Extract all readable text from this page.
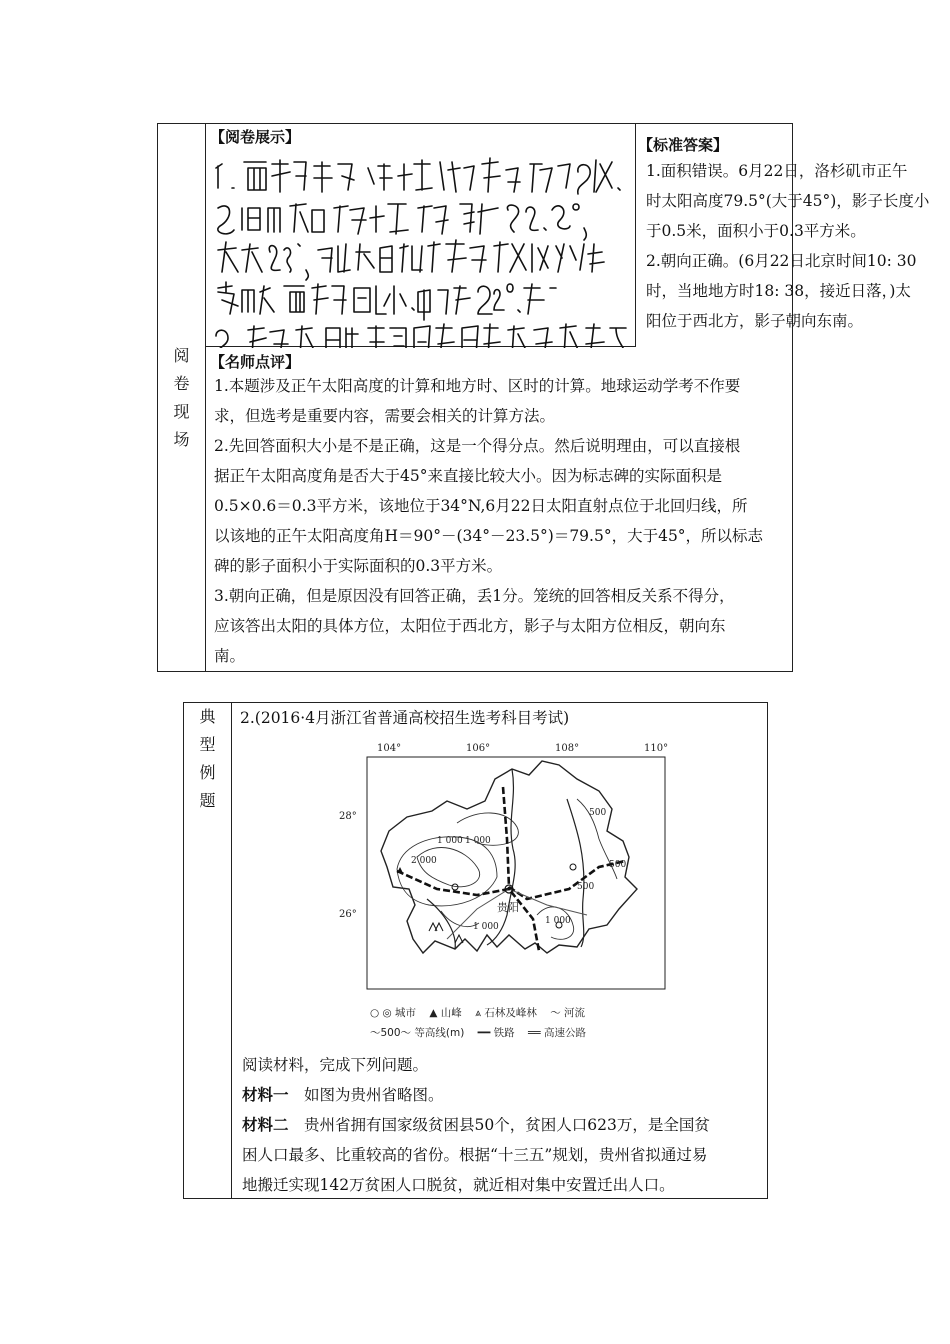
阅
卷
现
场
【阅卷展示】	【标准答案】

1.面积错误。6月22日，洛杉矶市正午

时太阳高度79.5°(大于45°)，影子长度小

于0.5米，面积小于0.3平方米。

2.朝向正确。(6月22日北京时间10: 30

时，当地地方时18: 38，接近日落，)太

阳位于西北方，影子朝向东南。

【名师点评】

1.本题涉及正午太阳高度的计算和地方时、区时的计算。地球运动学考不作要

求，但选考是重要内容，需要会相关的计算方法。

2.先回答面积大小是不是正确，这是一个得分点。然后说明理由，可以直接根

据正午太阳高度角是否大于45°来直接比较大小。因为标志碑的实际面积是

0.5×0.6＝0.3平方米，该地位于34°N,6月22日太阳直射点位于北回归线，所

以该地的正午太阳高度角H＝90°－(34°－23.5°)＝79.5°，大于45°，所以标志

碑的影子面积小于实际面积的0.3平方米。

3.朝向正确，但是原因没有回答正确，丢1分。笼统的回答相反关系不得分，

应该答出太阳的具体方位，太阳位于西北方，影子与太阳方位相反，朝向东

南。

典
型
例
题

2.(2016·4月浙江省普通高校招生选考科目考试)

104°	106°	108°	110°
28°
26°
贵阳
1 000
2 000
1 000
500
500
1 000
1 000
500
○ ◎ 城市 ▲ 山峰 ⩓ 石林及峰林 〜 河流
〜500〜 等高线(m) ━━ 铁路 ══ 高速公路

阅读材料，完成下列问题。

材料一　 如图为贵州省略图。

材料二　 贵州省拥有国家级贫困县50个，贫困人口623万，是全国贫

困人口最多、比重较高的省份。根据“十三五”规划，贵州省拟通过易

地搬迁实现142万贫困人口脱贫，就近相对集中安置迁出人口。
